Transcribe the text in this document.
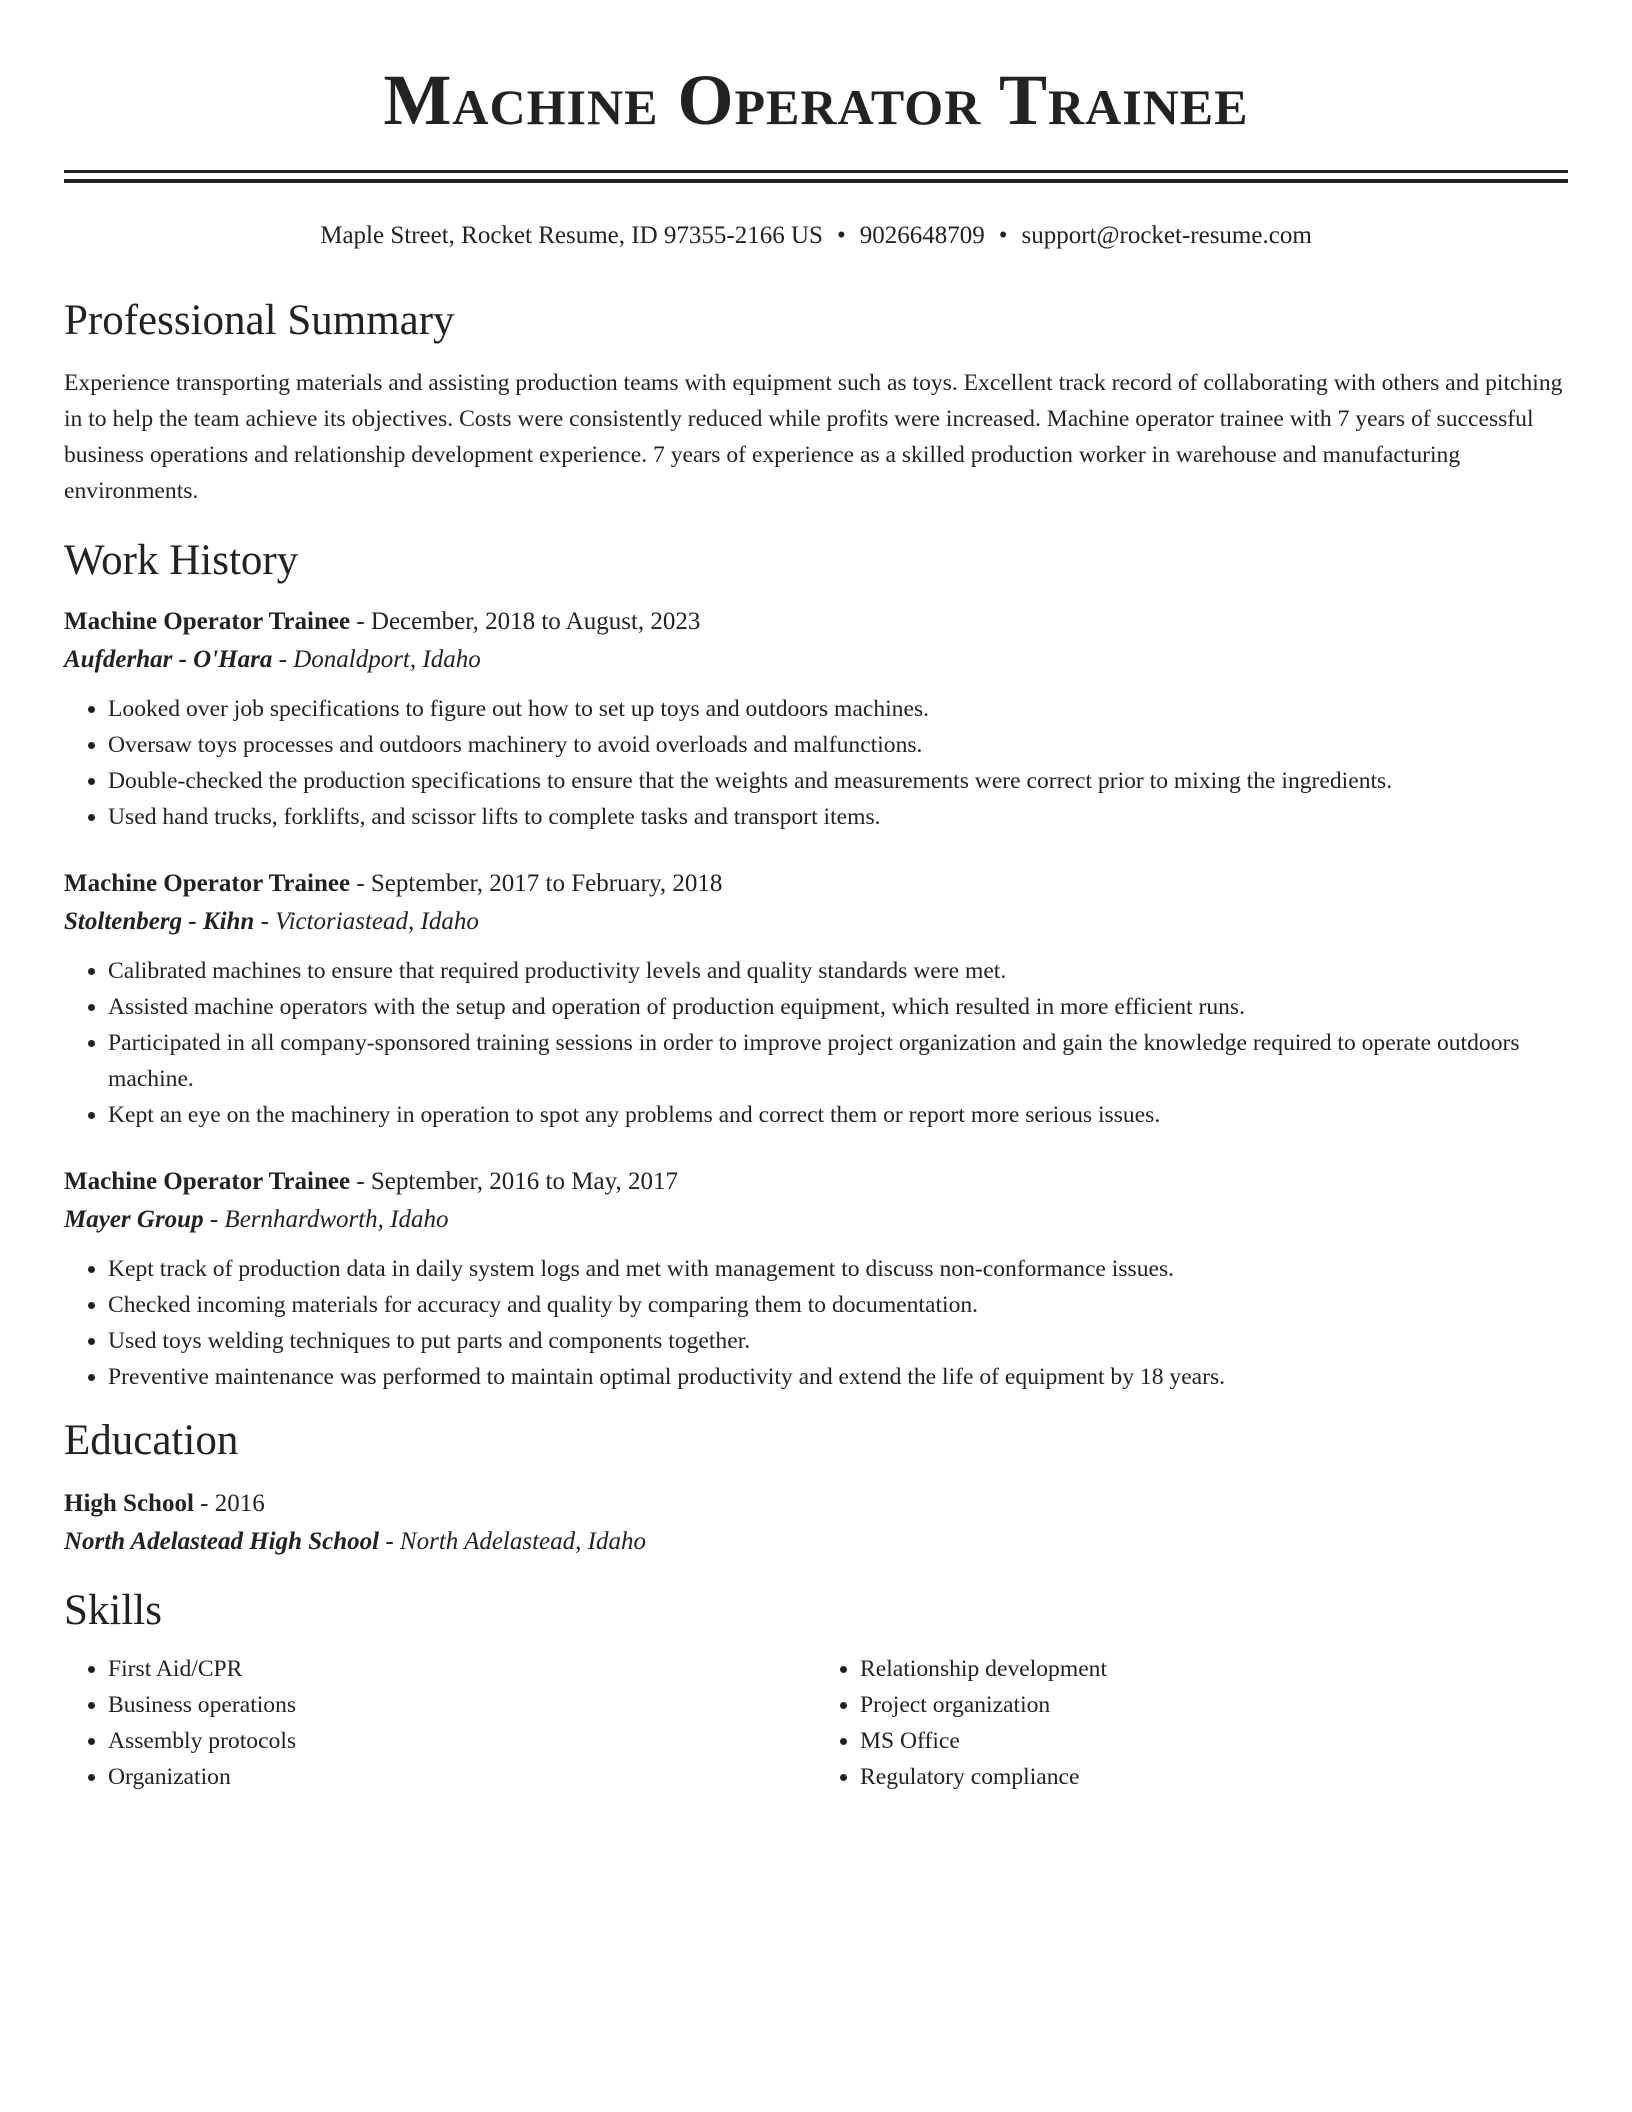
Machine Operator Trainee
Maple Street, Rocket Resume, ID 97355-2166 US • 9026648709 • support@rocket-resume.com
Professional Summary

Experience transporting materials and assisting production teams with equipment such as toys. Excellent track record of collaborating with others and pitching in to help the team achieve its objectives. Costs were consistently reduced while profits were increased. Machine operator trainee with 7 years of successful business operations and relationship development experience. 7 years of experience as a skilled production worker in warehouse and manufacturing environments.

Work History

Machine Operator Trainee - December, 2018 to August, 2023

Aufderhar - O'Hara - Donaldport, Idaho

• Looked over job specifications to figure out how to set up toys and outdoors machines.
• Oversaw toys processes and outdoors machinery to avoid overloads and malfunctions.
• Double-checked the production specifications to ensure that the weights and measurements were correct prior to mixing the ingredients.
• Used hand trucks, forklifts, and scissor lifts to complete tasks and transport items.

Machine Operator Trainee - September, 2017 to February, 2018

Stoltenberg - Kihn - Victoriastead, Idaho

• Calibrated machines to ensure that required productivity levels and quality standards were met.
• Assisted machine operators with the setup and operation of production equipment, which resulted in more efficient runs.
• Participated in all company-sponsored training sessions in order to improve project organization and gain the knowledge required to operate outdoors machine.
• Kept an eye on the machinery in operation to spot any problems and correct them or report more serious issues.

Machine Operator Trainee - September, 2016 to May, 2017

Mayer Group - Bernhardworth, Idaho

• Kept track of production data in daily system logs and met with management to discuss non-conformance issues.
• Checked incoming materials for accuracy and quality by comparing them to documentation.
• Used toys welding techniques to put parts and components together.
• Preventive maintenance was performed to maintain optimal productivity and extend the life of equipment by 18 years.
Education

High School - 2016

North Adelastead High School - North Adelastead, Idaho

Skills
• First Aid/CPR
• Business operations
• Assembly protocols
• Organization
• Relationship development
• Project organization
• MS Office
• Regulatory compliance
